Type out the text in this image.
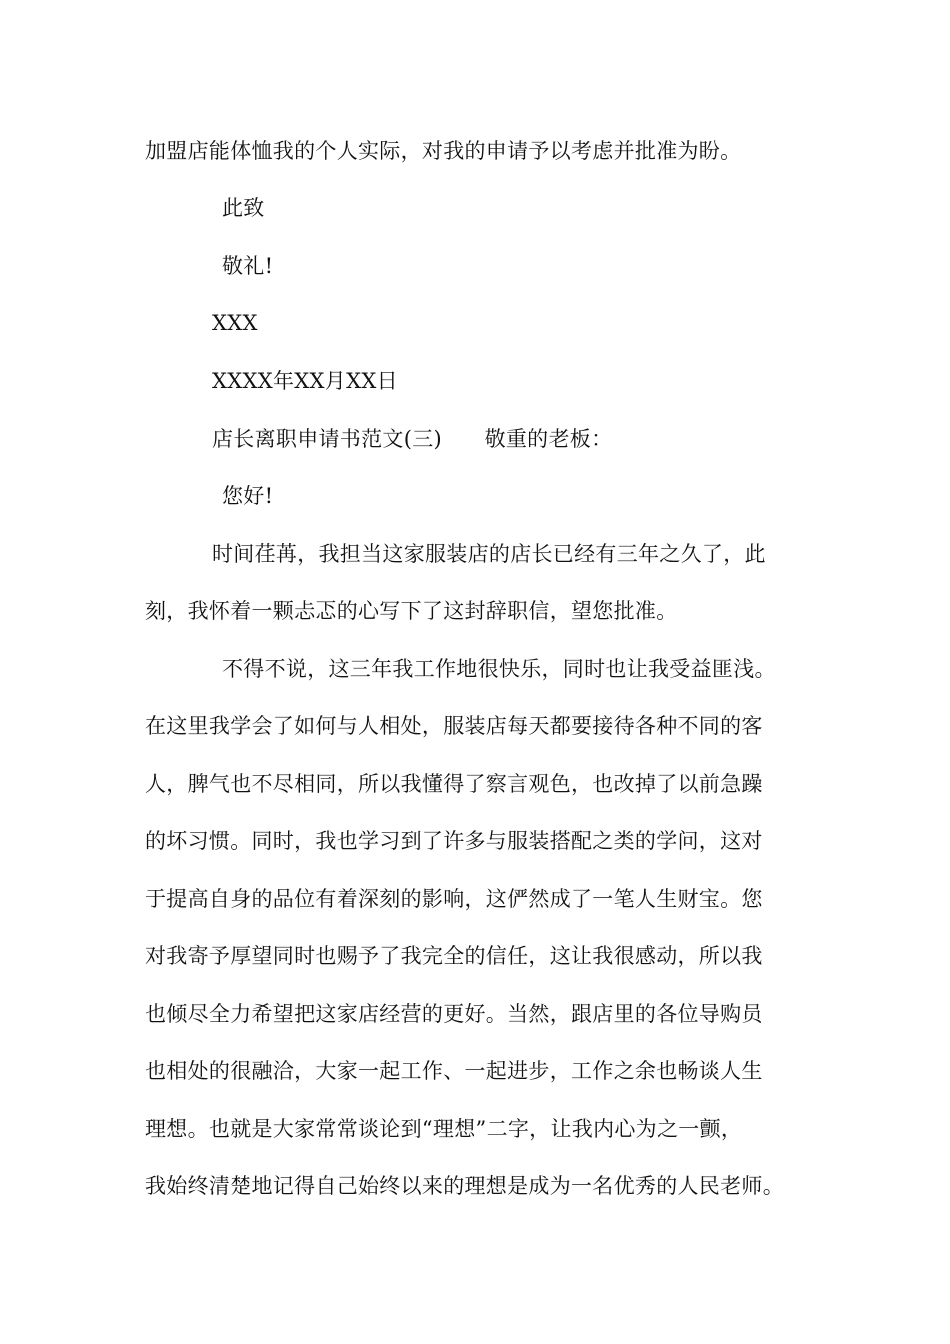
加盟店能体恤我的个人实际，对我的申请予以考虑并批准为盼。
此致
敬礼!
XXX
XXXX年XX月XX日
店长离职申请书范文(三)　　敬重的老板：
您好!
时间荏苒，我担当这家服装店的店长已经有三年之久了，此
刻，我怀着一颗忐忑的心写下了这封辞职信，望您批准。
不得不说，这三年我工作地很快乐，同时也让我受益匪浅。
在这里我学会了如何与人相处，服装店每天都要接待各种不同的客
人，脾气也不尽相同，所以我懂得了察言观色，也改掉了以前急躁
的坏习惯。同时，我也学习到了许多与服装搭配之类的学问，这对
于提高自身的品位有着深刻的影响，这俨然成了一笔人生财宝。您
对我寄予厚望同时也赐予了我完全的信任，这让我很感动，所以我
也倾尽全力希望把这家店经营的更好。当然，跟店里的各位导购员
也相处的很融洽，大家一起工作、一起进步，工作之余也畅谈人生
理想。也就是大家常常谈论到“理想”二字，让我内心为之一颤，
我始终清楚地记得自己始终以来的理想是成为一名优秀的人民老师。
